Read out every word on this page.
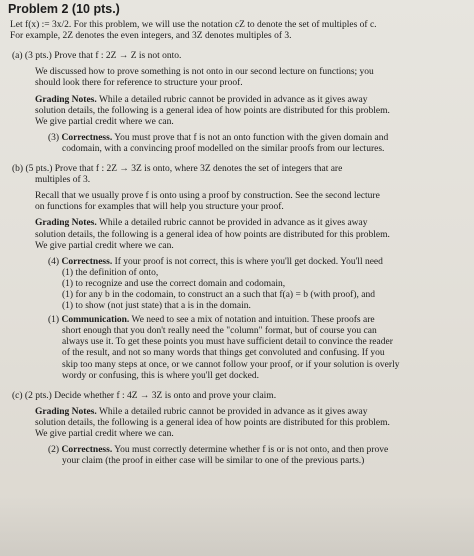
Problem 2 (10 pts.)

Let f(x) := 3x/2. For this problem, we will use the notation cZ to denote the set of multiples of c.

For example, 2Z denotes the even integers, and 3Z denotes multiples of 3.

(a) (3 pts.) Prove that f : 2Z → Z is not onto.

We discussed how to prove something is not onto in our second lecture on functions; you

should look there for reference to structure your proof.

Grading Notes. While a detailed rubric cannot be provided in advance as it gives away

solution details, the following is a general idea of how points are distributed for this problem.

We give partial credit where we can.

(3) Correctness. You must prove that f is not an onto function with the given domain and

codomain, with a convincing proof modelled on the similar proofs from our lectures.

(b) (5 pts.) Prove that f : 2Z → 3Z is onto, where 3Z denotes the set of integers that are

multiples of 3.

Recall that we usually prove f is onto using a proof by construction. See the second lecture

on functions for examples that will help you structure your proof.

Grading Notes. While a detailed rubric cannot be provided in advance as it gives away

solution details, the following is a general idea of how points are distributed for this problem.

We give partial credit where we can.

(4) Correctness. If your proof is not correct, this is where you'll get docked. You'll need

(1) the definition of onto,

(1) to recognize and use the correct domain and codomain,

(1) for any b in the codomain, to construct an a such that f(a) = b (with proof), and

(1) to show (not just state) that a is in the domain.

(1) Communication. We need to see a mix of notation and intuition. These proofs are

short enough that you don't really need the "column" format, but of course you can

always use it. To get these points you must have sufficient detail to convince the reader

of the result, and not so many words that things get convoluted and confusing. If you

skip too many steps at once, or we cannot follow your proof, or if your solution is overly

wordy or confusing, this is where you'll get docked.

(c) (2 pts.) Decide whether f : 4Z → 3Z is onto and prove your claim.

Grading Notes. While a detailed rubric cannot be provided in advance as it gives away

solution details, the following is a general idea of how points are distributed for this problem.

We give partial credit where we can.

(2) Correctness. You must correctly determine whether f is or is not onto, and then prove

your claim (the proof in either case will be similar to one of the previous parts.)
